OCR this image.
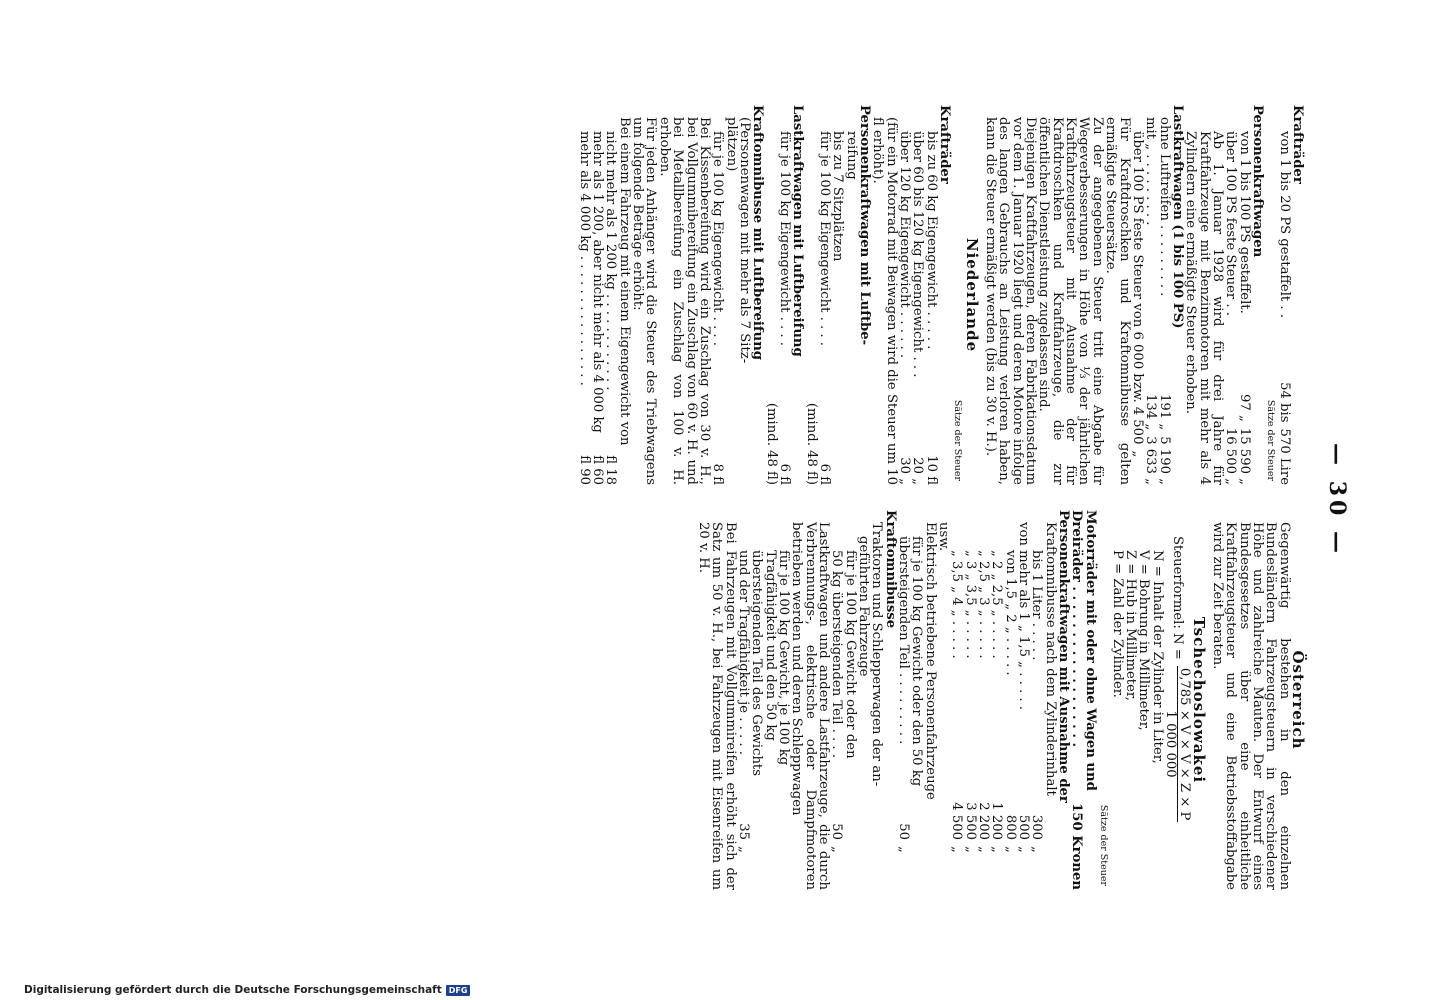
— 30 —
Krafträder
von 1 bis 20 PS gestaffelt . .
54 bis
570 Lire
Sätze der Steuer
Personenkraftwagen
von 1 bis 100 PS gestaffelt.
97 „
15 590 „
über 100 PS feste Steuer . .
16 500 „
Ab 1. Januar 1928 wird für drei Jahre für Kraftfahrzeuge mit Benzinmotoren mit mehr als 4 Zylindern eine ermäßigte Steuer erhoben.
Lastkraftwagen (1 bis 100 PS)
ohne Luftreifen . . . . . . . . .
191 „
5 190 „
mit „ . . . . . . . . .
134 „
3 633 „
über 100 PS feste Steuer von 6 000 bzw.
4 500
„
Für Kraftdroschken und Kraftomnibusse gelten ermäßigte Steuersätze.
Zu der angegebenen Steuer tritt eine Abgabe für Wegeverbesserungen in Höhe von ⅓ der jährlichen Kraftfahrzeugsteuer mit Ausnahme der für Kraftdroschken und Kraftfahrzeuge, die zur öffentlichen Dienstleistung zugelassen sind.
Diejenigen Kraftfahrzeugen, deren Fabrikationsdatum vor dem 1. Januar 1920 liegt und deren Motore infolge des langen Gebrauchs an Leistung verloren haben, kann die Steuer ermäßigt werden (bis zu 30 v. H.).
Niederlande
Sätze der Steuer
Krafträder
bis zu 60 kg Eigengewicht . . . . .
10 fl
über 60 bis 120 kg Eigengewicht . . .
20 „
über 120 kg Eigengewicht . . . . . .
30 „
(für ein Motorrad mit Beiwagen wird die Steuer um 10 fl erhöht).
Personenkraftwagen mit Luftbe-
reifung
bis zu 7 Sitzplätzen
für je 100 kg Eigengewicht . . . .
6 fl
(mind. 48 fl)
Lastkraftwagen mit Luftbereifung
für je 100 kg Eigengewicht . . . .
6 fl
(mind. 48 fl)
Kraftomnibusse mit Luftbereifung
(Personenwagen mit mehr als 7 Sitz-
plätzen)
für je 100 kg Eigengewicht . . . .
8 fl
Bei Kissenbereifung wird ein Zuschlag von 30 v. H., bei Vollgummibereifung ein Zuschlag von 60 v. H. und bei Metallbereifung ein Zuschlag von 100 v. H. erhoben.
Für jeden Anhänger wird die Steuer des Triebwagens um folgende Beträge erhöht:
Bei einem Fahrzeug mit einem Eigengewicht von
nicht mehr als 1 200 kg . . . . . . . . . . . .
fl 18
mehr als 1 200, aber nicht mehr als 4 000 kg
fl 60
mehr als 4 000 kg . . . . . . . . . . . . . . . .
fl 90
Österreich
Gegenwärtig bestehen in den einzelnen Bundesländern Fahrzeugsteuern in verschiedener Höhe und zahlreiche Mauten. Der Entwurf eines Bundesgesetzes über eine einheitliche Kraftfahrzeugsteuer und eine Betriebsstoffabgabe wird zur Zeit beraten.
Tschechoslowakei
Steuerformel: N =
0,785 × V × V × Z × P
1 000 000
N = Inhalt der Zylinder in Liter,
V = Bohrung in Millimeter,
Z = Hub in Millimeter,
P = Zahl der Zylinder.
Sätze der Steuer
Motorräder mit oder ohne Wagen und
Dreiräder . . . . . . . . . . . . . . . . . .
150 Kronen
Personenkraftwagen mit Ausnahme der
Kraftomnibusse nach dem Zylinderinhalt
bis 1 Liter . . . . .
300
„
von mehr als 1 „ 1,5 „ . . . . .
500
„
von 1,5 „ 2 „ . . . . .
800
„
„ 2 „ 2,5 „ . . . . .
1 200
„
„ 2,5 „ 3 „ . . . . .
2 200
„
„ 3 „ 3,5 „ . . . . .
3 500
„
„ 3,5 „ 4 „ . . . . .
4 500
„
usw.
Elektrisch betriebene Personenfahrzeuge
für je 100 kg Gewicht oder den 50 kg
übersteigenden Teil . . . . . . . . .
50
„
Kraftomnibusse
Traktoren und Schlepperwagen der an-
geführten Fahrzeuge
für je 100 kg Gewicht oder den
50 kg übersteigenden Teil . . . .
50
„
Lastkraftwagen und andere Lastfahrzeuge, die durch Verbrennungs-, elektrische oder Dampfmotoren betrieben werden und deren Schleppwagen
für je 100 kg Gewicht, je 100 kg
Tragfähigkeit und den 50 kg
übersteigenden Teil des Gewichts
und der Tragfähigkeit je . . . . .
35
„
Bei Fahrzeugen mit Vollgummireifen erhöht sich der Satz um 50 v. H., bei Fahrzeugen mit Eisenreifen um 20 v. H.
Digitalisierung gefördert durch die Deutsche Forschungsgemeinschaft DFG
